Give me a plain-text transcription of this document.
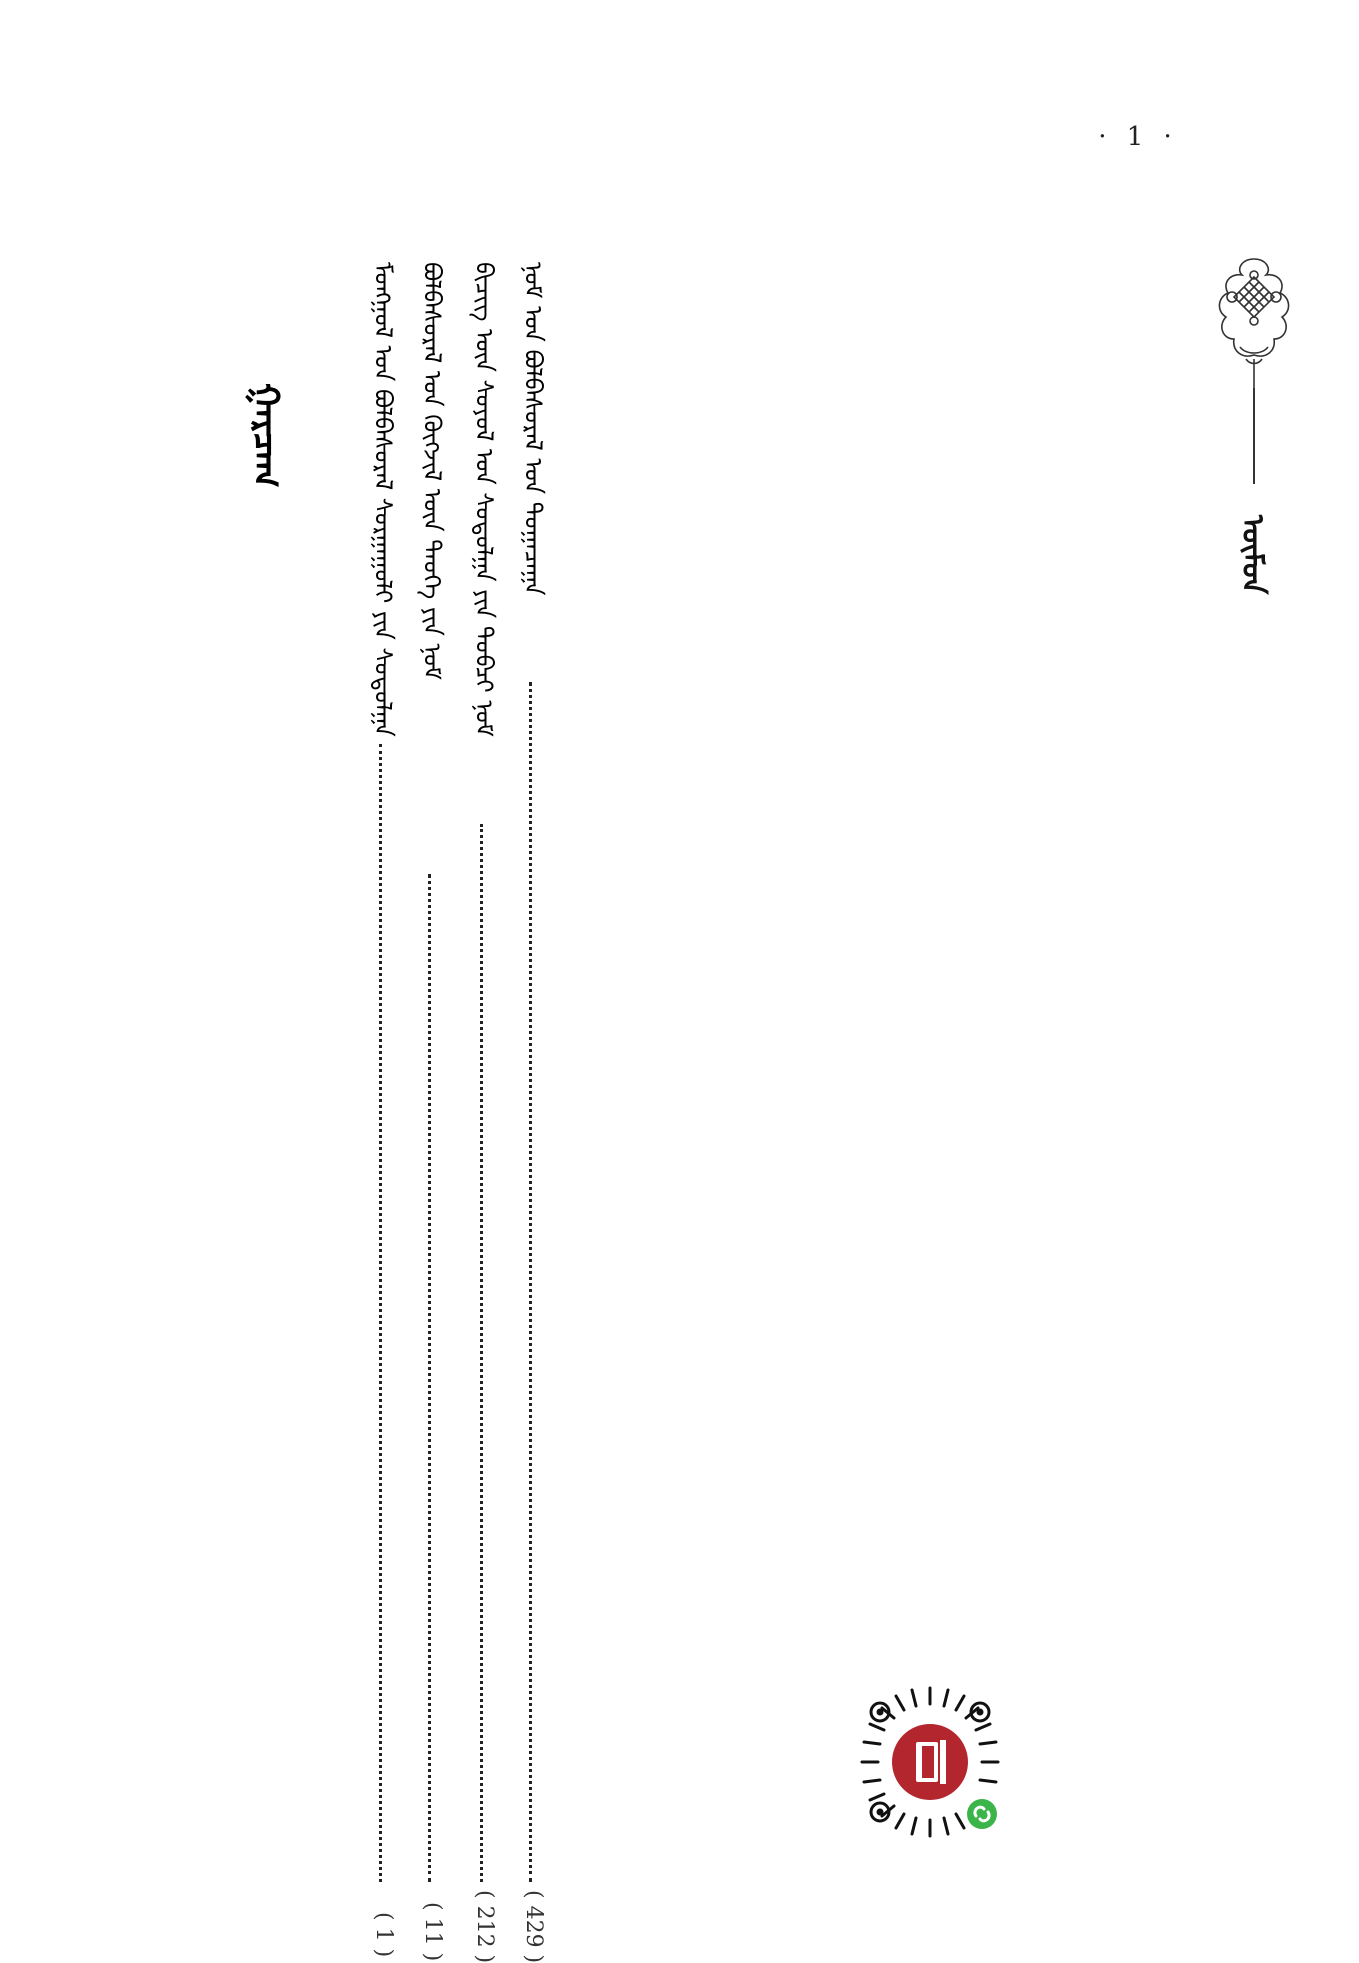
· 1 ·
ᠥᠮᠥᠨ
ᠭᠠᠷᠴᠠᠭ	ᠨᠣᠮ ᠤᠨ ᠪᠣᠯᠪᠠᠰᠤᠷᠠᠯ ᠤᠨ ᠲᠣᠭᠠᠴᠠᠭᠠ
( 429 )
ᠪᠢᠴᠢᠭ ᠦᠨ ᠰᠣᠶᠣᠯ ᠤᠨ ᠰᠤᠳᠤᠯᠭᠠ ᠶᠢᠨ ᠲᠣᠪᠴᠢ ᠨᠣᠮ
( 212 )
ᠪᠣᠯᠪᠠᠰᠤᠷᠠᠯ ᠤᠨ ᠬᠥᠭᠵᠢᠯ ᠦᠨ ᠲᠡᠦᠬᠡ ᠶᠢᠨ ᠨᠣᠮ
( 11 )
ᠮᠣᠩᠭᠣᠯ ᠤᠨ ᠪᠣᠯᠪᠠᠰᠤᠷᠠᠯ ᠰᠤᠷᠭᠠᠭᠤᠯᠢ ᠶᠢᠨ ᠰᠤᠳᠤᠯᠭᠠ
( 1 )
